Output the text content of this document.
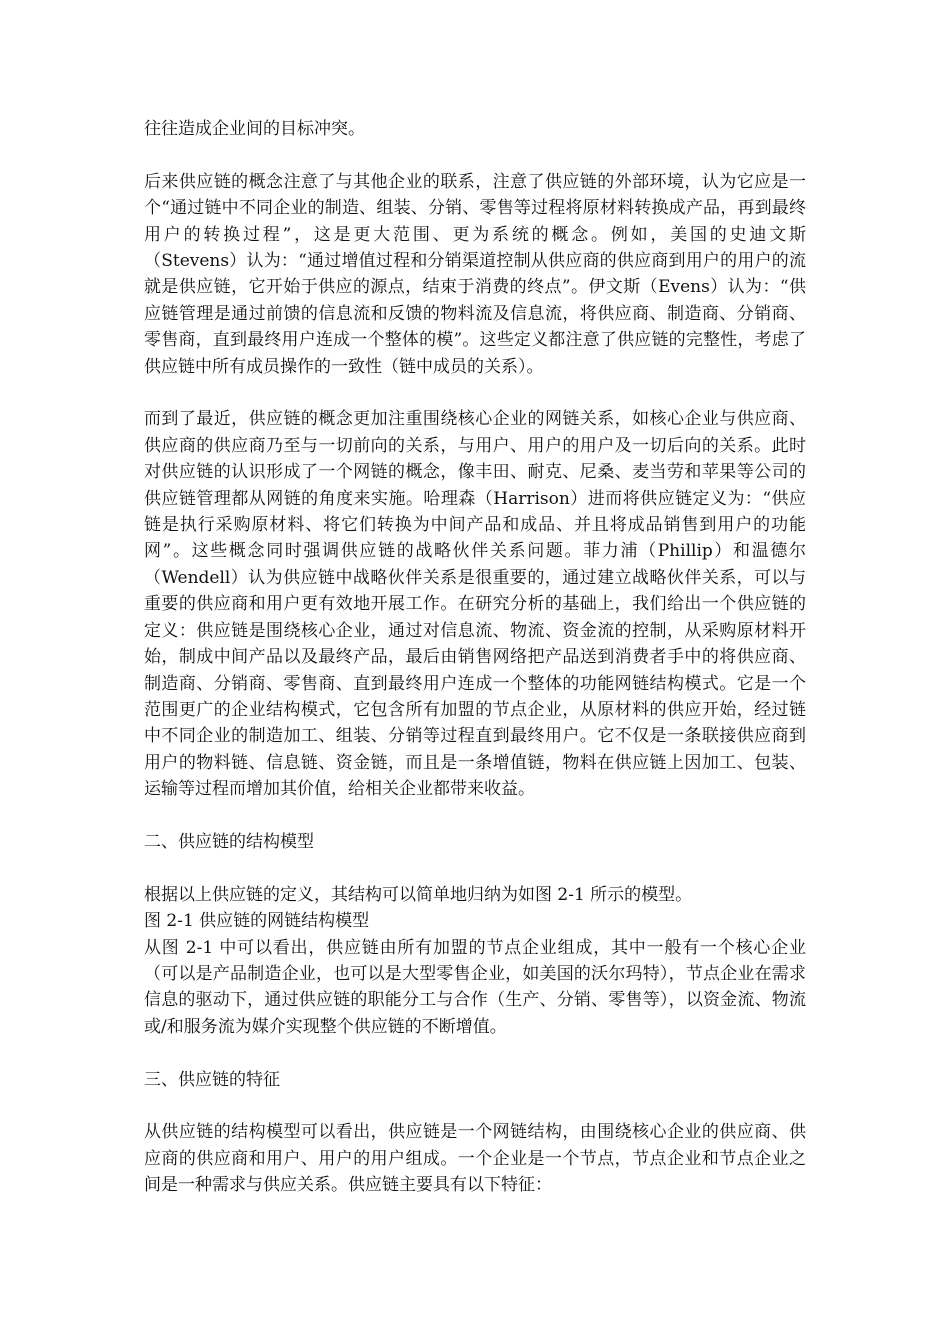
往往造成企业间的目标冲突。

后来供应链的概念注意了与其他企业的联系，注意了供应链的外部环境，认为它应是一个“通过链中不同企业的制造、组装、分销、零售等过程将原材料转换成产品，再到最终用户的转换过程”，这是更大范围、更为系统的概念。例如，美国的史迪文斯（Stevens）认为：“通过增值过程和分销渠道控制从供应商的供应商到用户的用户的流就是供应链，它开始于供应的源点，结束于消费的终点”。伊文斯（Evens）认为：“供应链管理是通过前馈的信息流和反馈的物料流及信息流，将供应商、制造商、分销商、零售商，直到最终用户连成一个整体的模”。这些定义都注意了供应链的完整性，考虑了供应链中所有成员操作的一致性（链中成员的关系）。

而到了最近，供应链的概念更加注重围绕核心企业的网链关系，如核心企业与供应商、供应商的供应商乃至与一切前向的关系，与用户、用户的用户及一切后向的关系。此时对供应链的认识形成了一个网链的概念，像丰田、耐克、尼桑、麦当劳和苹果等公司的供应链管理都从网链的角度来实施。哈理森（Harrison）进而将供应链定义为：“供应链是执行采购原材料、将它们转换为中间产品和成品、并且将成品销售到用户的功能网”。这些概念同时强调供应链的战略伙伴关系问题。菲力浦（Phillip）和温德尔（Wendell）认为供应链中战略伙伴关系是很重要的，通过建立战略伙伴关系，可以与重要的供应商和用户更有效地开展工作。在研究分析的基础上，我们给出一个供应链的定义：供应链是围绕核心企业，通过对信息流、物流、资金流的控制，从采购原材料开始，制成中间产品以及最终产品，最后由销售网络把产品送到消费者手中的将供应商、制造商、分销商、零售商、直到最终用户连成一个整体的功能网链结构模式。它是一个范围更广的企业结构模式，它包含所有加盟的节点企业，从原材料的供应开始，经过链中不同企业的制造加工、组装、分销等过程直到最终用户。它不仅是一条联接供应商到用户的物料链、信息链、资金链，而且是一条增值链，物料在供应链上因加工、包装、运输等过程而增加其价值，给相关企业都带来收益。

二、供应链的结构模型

根据以上供应链的定义，其结构可以简单地归纳为如图 2-1 所示的模型。

图 2-1 供应链的网链结构模型

从图 2-1 中可以看出，供应链由所有加盟的节点企业组成，其中一般有一个核心企业（可以是产品制造企业，也可以是大型零售企业，如美国的沃尔玛特），节点企业在需求信息的驱动下，通过供应链的职能分工与合作（生产、分销、零售等），以资金流、物流或/和服务流为媒介实现整个供应链的不断增值。

三、供应链的特征

从供应链的结构模型可以看出，供应链是一个网链结构，由围绕核心企业的供应商、供应商的供应商和用户、用户的用户组成。一个企业是一个节点，节点企业和节点企业之间是一种需求与供应关系。供应链主要具有以下特征：
